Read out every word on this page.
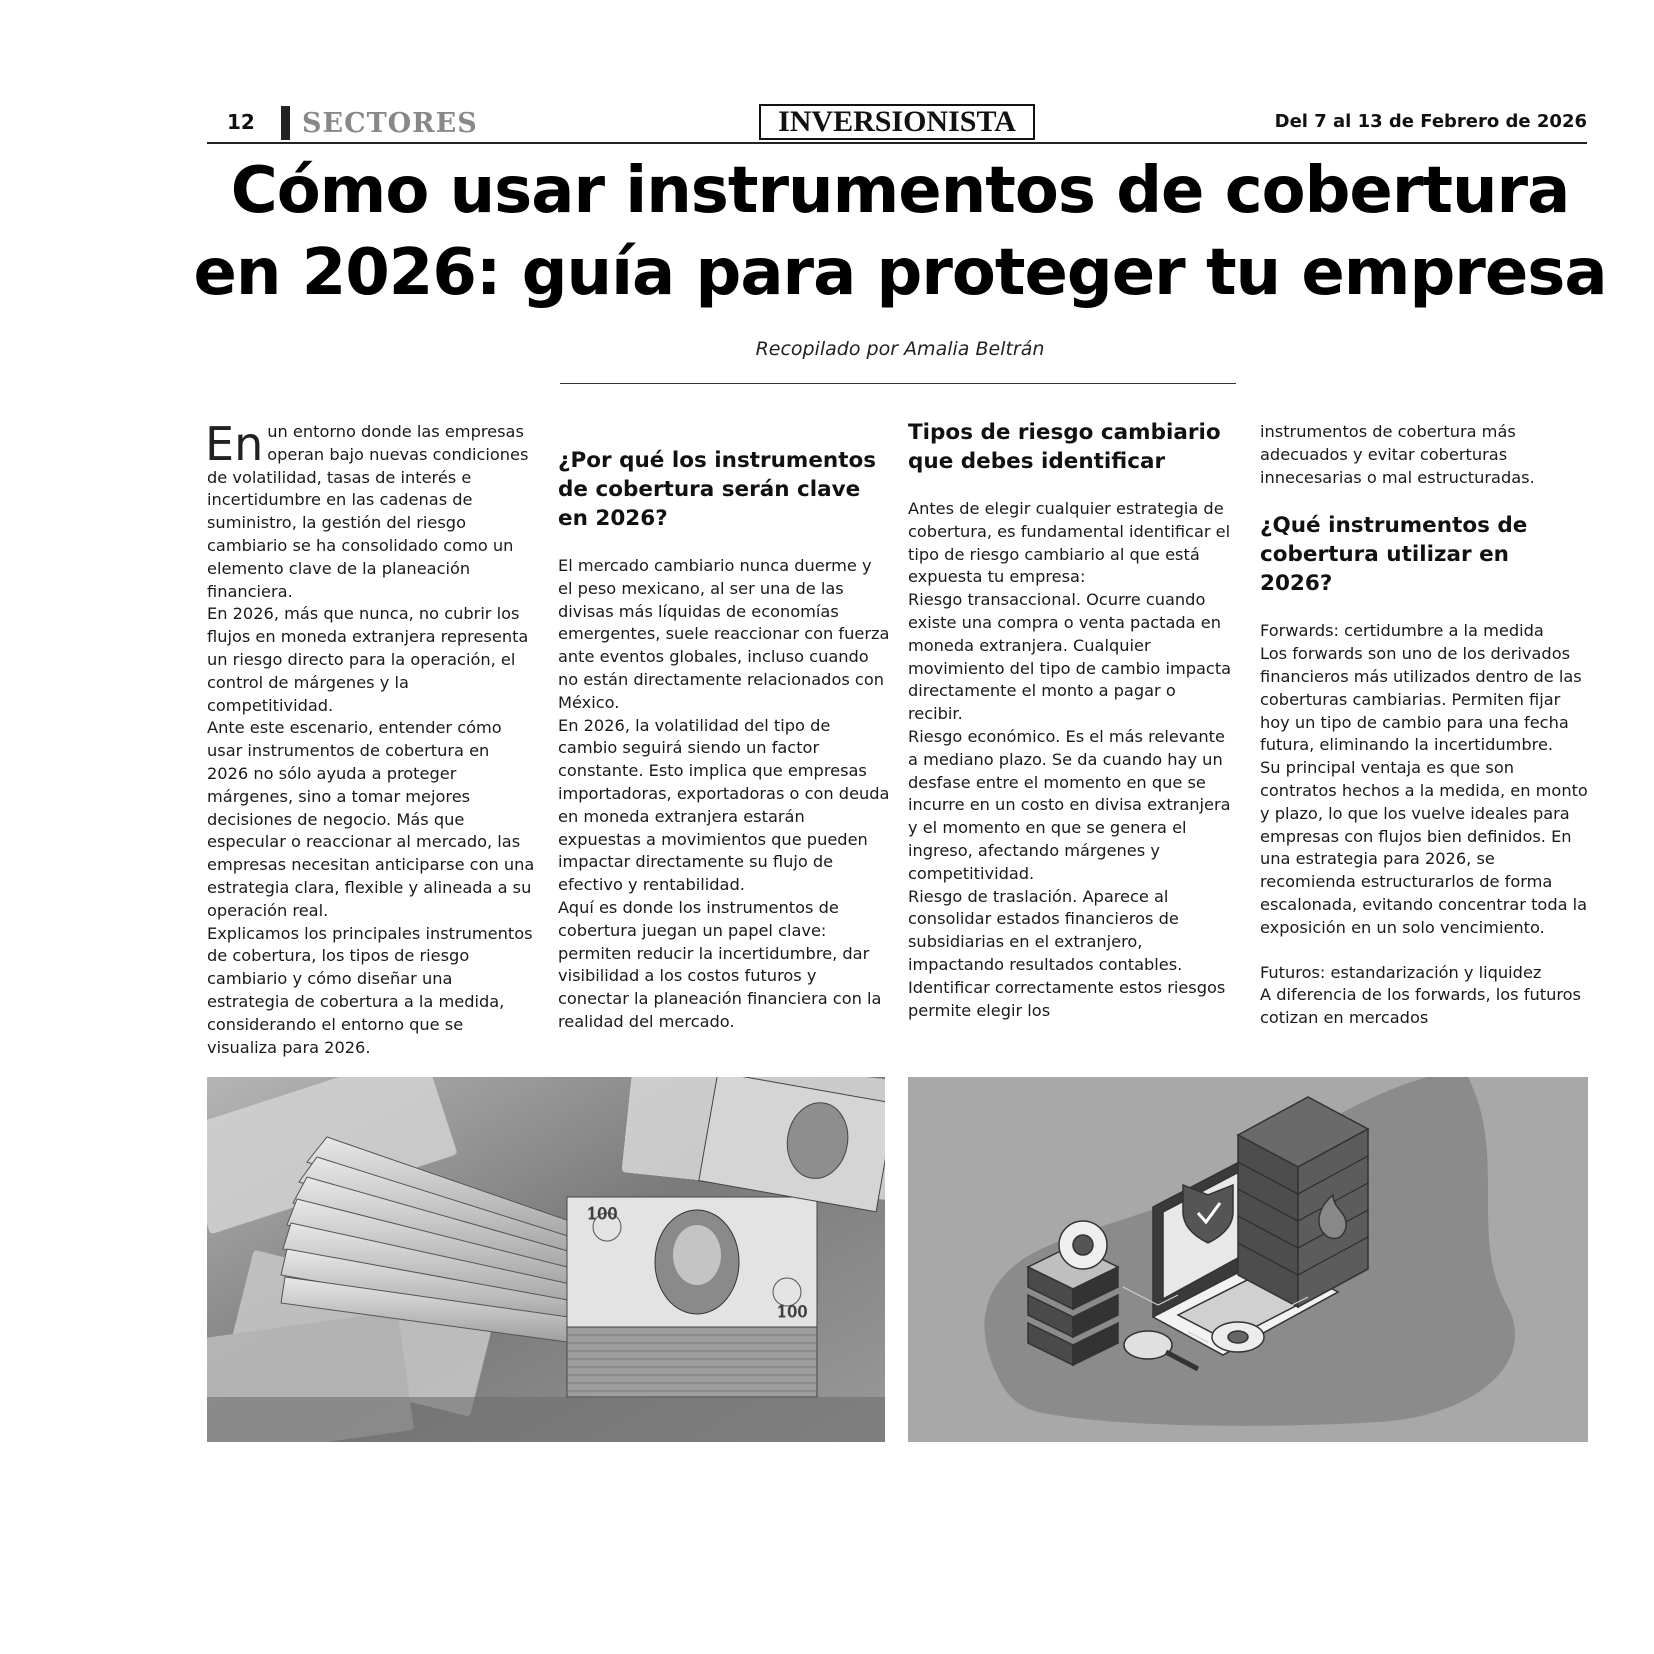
12 SECTORES	INVERSIONISTA	Del 7 al 13 de Febrero de 2026
Cómo usar instrumentos de cobertura en 2026: guía para proteger tu empresa
Recopilado por Amalia Beltrán
En un entorno donde las empresas operan bajo nuevas condiciones de volatilidad, tasas de interés e incertidumbre en las cadenas de suministro, la gestión del riesgo cambiario se ha consolidado como un elemento clave de la planeación financiera.

En 2026, más que nunca, no cubrir los flujos en moneda extranjera representa un riesgo directo para la operación, el control de márgenes y la competitividad.

Ante este escenario, entender cómo usar instrumentos de cobertura en 2026 no sólo ayuda a proteger márgenes, sino a tomar mejores decisiones de negocio. Más que especular o reaccionar al mercado, las empresas necesitan anticiparse con una estrategia clara, flexible y alineada a su operación real.

Explicamos los principales instrumentos de cobertura, los tipos de riesgo cambiario y cómo diseñar una estrategia de cobertura a la medida, considerando el entorno que se visualiza para 2026.

¿Por qué los instrumentos de cobertura serán clave en 2026?

El mercado cambiario nunca duerme y el peso mexicano, al ser una de las divisas más líquidas de economías emergentes, suele reaccionar con fuerza ante eventos globales, incluso cuando no están directamente relacionados con México.

En 2026, la volatilidad del tipo de cambio seguirá siendo un factor constante. Esto implica que empresas importadoras, exportadoras o con deuda en moneda extranjera estarán expuestas a movimientos que pueden impactar directamente su flujo de efectivo y rentabilidad.

Aquí es donde los instrumentos de cobertura juegan un papel clave: permiten reducir la incertidumbre, dar visibilidad a los costos futuros y conectar la planeación financiera con la realidad del mercado.

Tipos de riesgo cambiario que debes identificar

Antes de elegir cualquier estrategia de cobertura, es fundamental identificar el tipo de riesgo cambiario al que está expuesta tu empresa:

Riesgo transaccional. Ocurre cuando existe una compra o venta pactada en moneda extranjera. Cualquier movimiento del tipo de cambio impacta directamente el monto a pagar o recibir.

Riesgo económico. Es el más relevante a mediano plazo. Se da cuando hay un desfase entre el momento en que se incurre en un costo en divisa extranjera y el momento en que se genera el ingreso, afectando márgenes y competitividad.

Riesgo de traslación. Aparece al consolidar estados financieros de subsidiarias en el extranjero, impactando resultados contables.

Identificar correctamente estos riesgos permite elegir los

instrumentos de cobertura más adecuados y evitar coberturas innecesarias o mal estructuradas.

¿Qué instrumentos de cobertura utilizar en 2026?

Forwards: certidumbre a la medida

Los forwards son uno de los derivados financieros más utilizados dentro de las coberturas cambiarias. Permiten fijar hoy un tipo de cambio para una fecha futura, eliminando la incertidumbre.

Su principal ventaja es que son contratos hechos a la medida, en monto y plazo, lo que los vuelve ideales para empresas con flujos bien definidos. En una estrategia para 2026, se recomienda estructurarlos de forma escalonada, evitando concentrar toda la exposición en un solo vencimiento.

Futuros: estandarización y liquidez

A diferencia de los forwards, los futuros cotizan en mercados

100
100
